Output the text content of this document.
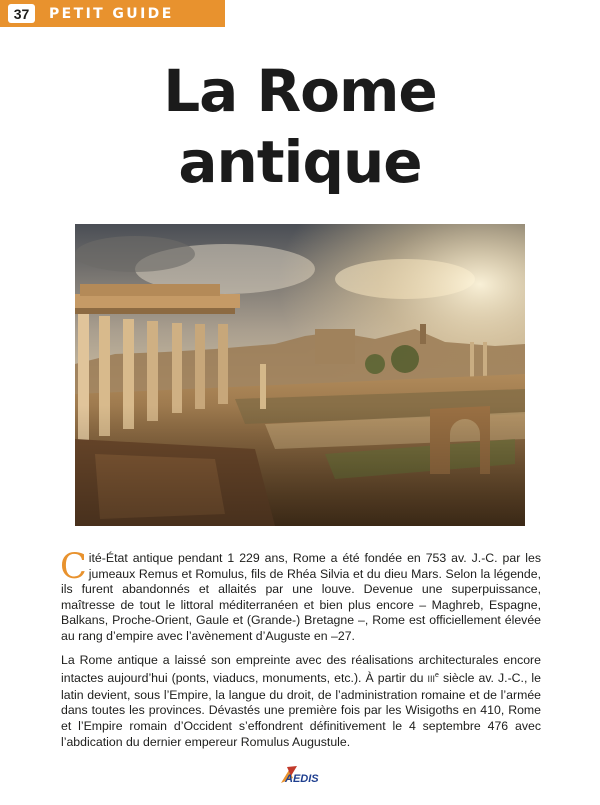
37	PETIT GUIDE
La Rome
antique
© Adobe Stock

Cité-État antique pendant 1 229 ans, Rome a été fondée en 753 av. J.-C. par les jumeaux Remus et Romulus, fils de Rhéa Silvia et du dieu Mars. Selon la légende, ils furent abandonnés et allaités par une louve. Devenue une superpuissance, maîtresse de tout le littoral méditerranéen et bien plus encore – Maghreb, Espagne, Balkans, Proche-Orient, Gaule et (Grande-) Bretagne –, Rome est officiellement élevée au rang d’empire avec l’avènement d’Auguste en –27.

La Rome antique a laissé son empreinte avec des réalisations architecturales encore intactes aujourd’hui (ponts, viaducs, monuments, etc.). À partir du IIIe siècle av. J.-C., le latin devient, sous l’Empire, la langue du droit, de l’administration romaine et de l’armée dans toutes les provinces. Dévastés une première fois par les Wisigoths en 410, Rome et l’Empire romain d’Occident s’effondrent définitivement le 4 septembre 476 avec l’abdication du dernier empereur Romulus Augustule.

AEDIS
